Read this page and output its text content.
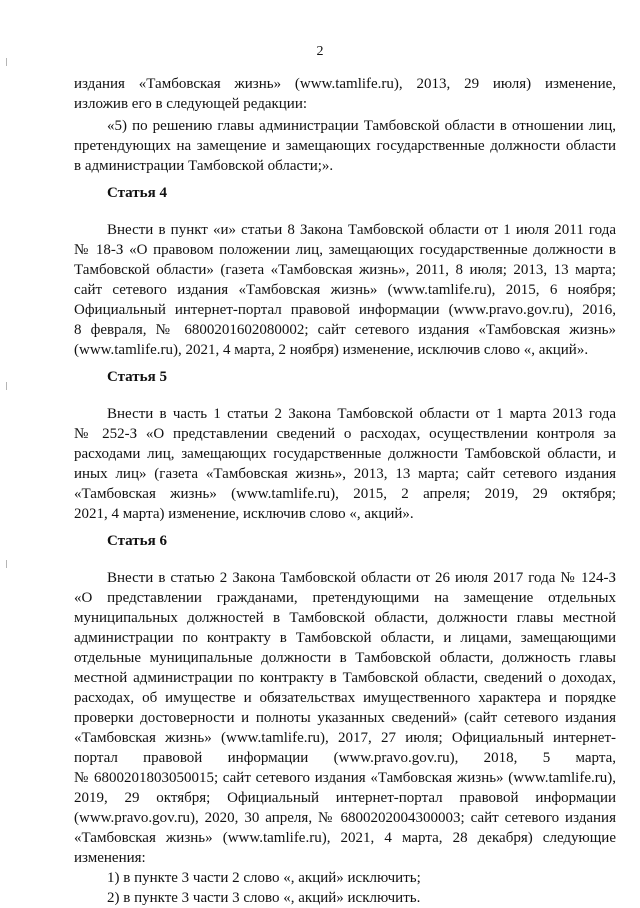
2
издания «Тамбовская жизнь» (www.tamlife.ru), 2013, 29 июля) изменение,
изложив его в следующей редакции:
«5) по решению главы администрации Тамбовской области в отношении лиц,
претендующих на замещение и замещающих государственные должности области
в администрации Тамбовской области;».
Статья 4
Внести в пункт «и» статьи 8 Закона Тамбовской области от 1 июля 2011 года
№ 18-З «О правовом положении лиц, замещающих государственные должности в
Тамбовской области» (газета «Тамбовская жизнь», 2011, 8 июля; 2013, 13 марта;
сайт сетевого издания «Тамбовская жизнь» (www.tamlife.ru), 2015, 6 ноября;
Официальный интернет-портал правовой информации (www.pravo.gov.ru), 2016,
8 февраля, № 6800201602080002; сайт сетевого издания «Тамбовская жизнь»
(www.tamlife.ru), 2021, 4 марта, 2 ноября) изменение, исключив слово «, акций».
Статья 5
Внести в часть 1 статьи 2 Закона Тамбовской области от 1 марта 2013 года
№ 252-З «О представлении сведений о расходах, осуществлении контроля за
расходами лиц, замещающих государственные должности Тамбовской области, и
иных лиц» (газета «Тамбовская жизнь», 2013, 13 марта; сайт сетевого издания
«Тамбовская жизнь» (www.tamlife.ru), 2015, 2 апреля; 2019, 29 октября;
2021, 4 марта) изменение, исключив слово «, акций».
Статья 6
Внести в статью 2 Закона Тамбовской области от 26 июля 2017 года № 124-З
«О представлении гражданами, претендующими на замещение отдельных
муниципальных должностей в Тамбовской области, должности главы местной
администрации по контракту в Тамбовской области, и лицами, замещающими
отдельные муниципальные должности в Тамбовской области, должность главы
местной администрации по контракту в Тамбовской области, сведений о доходах,
расходах, об имуществе и обязательствах имущественного характера и порядке
проверки достоверности и полноты указанных сведений» (сайт сетевого издания
«Тамбовская жизнь» (www.tamlife.ru), 2017, 27 июля; Официальный интернет-
портал правовой информации (www.pravo.gov.ru), 2018, 5 марта,
№ 6800201803050015; сайт сетевого издания «Тамбовская жизнь» (www.tamlife.ru),
2019, 29 октября; Официальный интернет-портал правовой информации
(www.pravo.gov.ru), 2020, 30 апреля, № 6800202004300003; сайт сетевого издания
«Тамбовская жизнь» (www.tamlife.ru), 2021, 4 марта, 28 декабря) следующие
изменения:
1) в пункте 3 части 2 слово «, акций» исключить;
2) в пункте 3 части 3 слово «, акций» исключить.
